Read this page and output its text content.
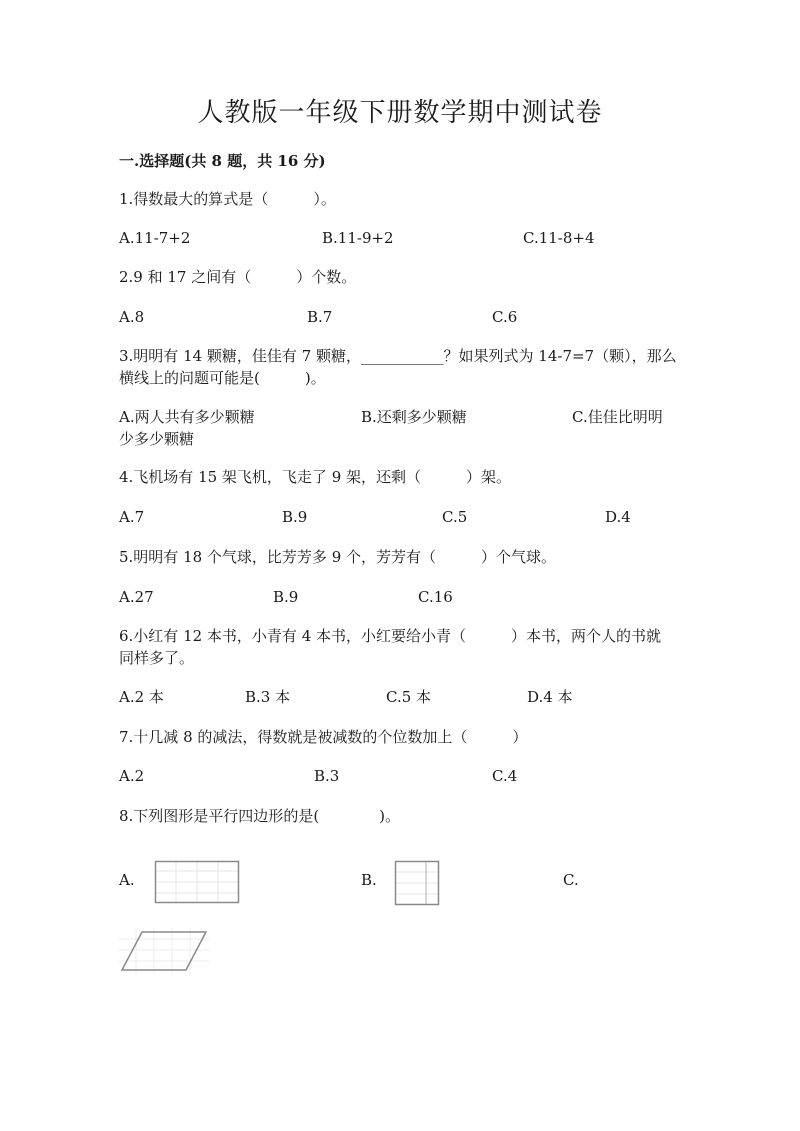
人教版一年级下册数学期中测试卷
一.选择题(共 8 题，共 16 分)
1.得数最大的算式是（　　　）。
A.11-7+2	B.11-9+2	C.11-8+4
2.9 和 17 之间有（　　　）个数。
A.8	B.7	C.6
3.明明有 14 颗糖，佳佳有 7 颗糖，___________？如果列式为 14-7=7（颗），那么横线上的问题可能是(　　　)。
A.两人共有多少颗糖	B.还剩多少颗糖	C.佳佳比明明少多少颗糖
4.飞机场有 15 架飞机，飞走了 9 架，还剩（　　　）架。
A.7	B.9	C.5	D.4
5.明明有 18 个气球，比芳芳多 9 个，芳芳有（　　　）个气球。
A.27	B.9	C.16
6.小红有 12 本书，小青有 4 本书，小红要给小青（　　　）本书，两个人的书就同样多了。
A.2 本	B.3 本	C.5 本	D.4 本
7.十几减 8 的减法，得数就是被减数的个位数加上（　　　）
A.2	B.3	C.4
8.下列图形是平行四边形的是(　　　　)。
A.	B.	C.
